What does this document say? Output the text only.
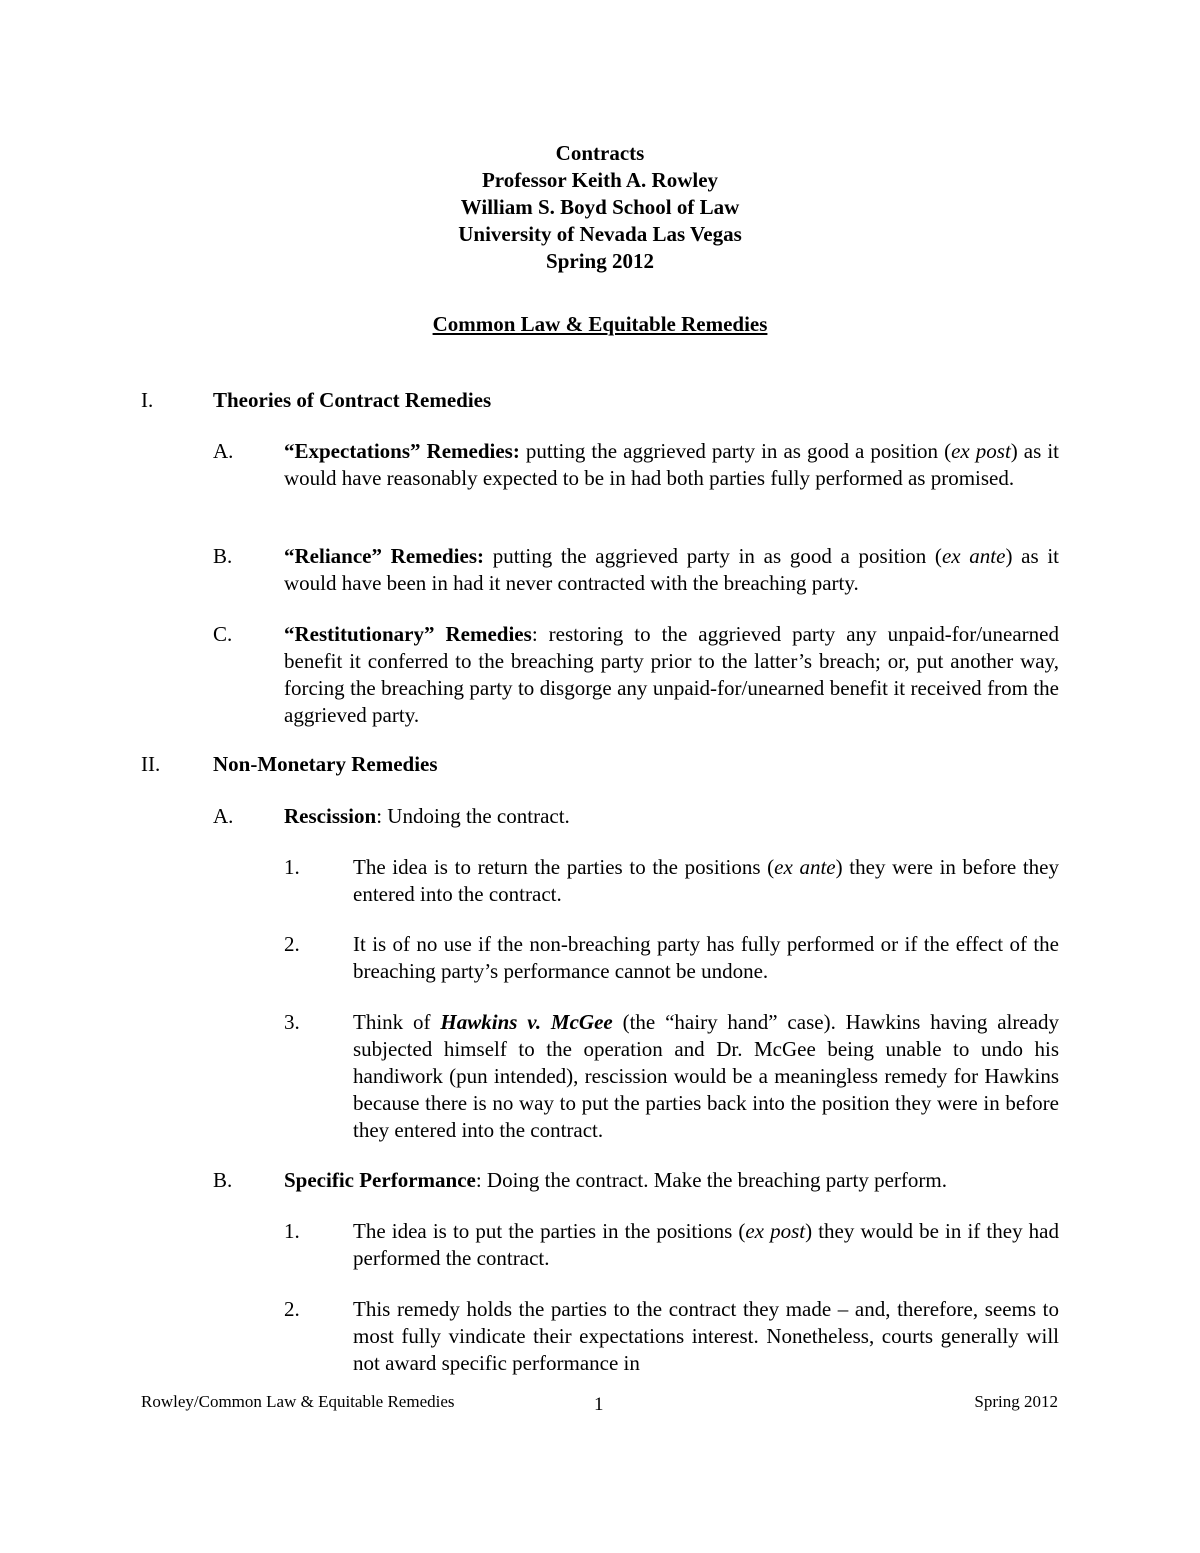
Contracts
Professor Keith A. Rowley
William S. Boyd School of Law
University of Nevada Las Vegas
Spring 2012
Common Law & Equitable Remedies
I.	Theories of Contract Remedies
A. “Expectations” Remedies: putting the aggrieved party in as good a position (ex post) as it would have reasonably expected to be in had both parties fully performed as promised.
B. “Reliance” Remedies: putting the aggrieved party in as good a position (ex ante) as it would have been in had it never contracted with the breaching party.
C. “Restitutionary” Remedies: restoring to the aggrieved party any unpaid-for/unearned benefit it conferred to the breaching party prior to the latter’s breach; or, put another way, forcing the breaching party to disgorge any unpaid-for/unearned benefit it received from the aggrieved party.
II.	Non-Monetary Remedies
A. Rescission: Undoing the contract.
1.	The idea is to return the parties to the positions (ex ante) they were in before they entered into the contract.
2.	It is of no use if the non-breaching party has fully performed or if the effect of the breaching party’s performance cannot be undone.
3.	Think of Hawkins v. McGee (the “hairy hand” case). Hawkins having already subjected himself to the operation and Dr. McGee being unable to undo his handiwork (pun intended), rescission would be a meaningless remedy for Hawkins because there is no way to put the parties back into the position they were in before they entered into the contract.
B. Specific Performance: Doing the contract. Make the breaching party perform.
1.	The idea is to put the parties in the positions (ex post) they would be in if they had performed the contract.
2.	This remedy holds the parties to the contract they made – and, therefore, seems to most fully vindicate their expectations interest. Nonetheless, courts generally will not award specific performance in
Rowley/Common Law & Equitable Remedies	1	Spring 2012
